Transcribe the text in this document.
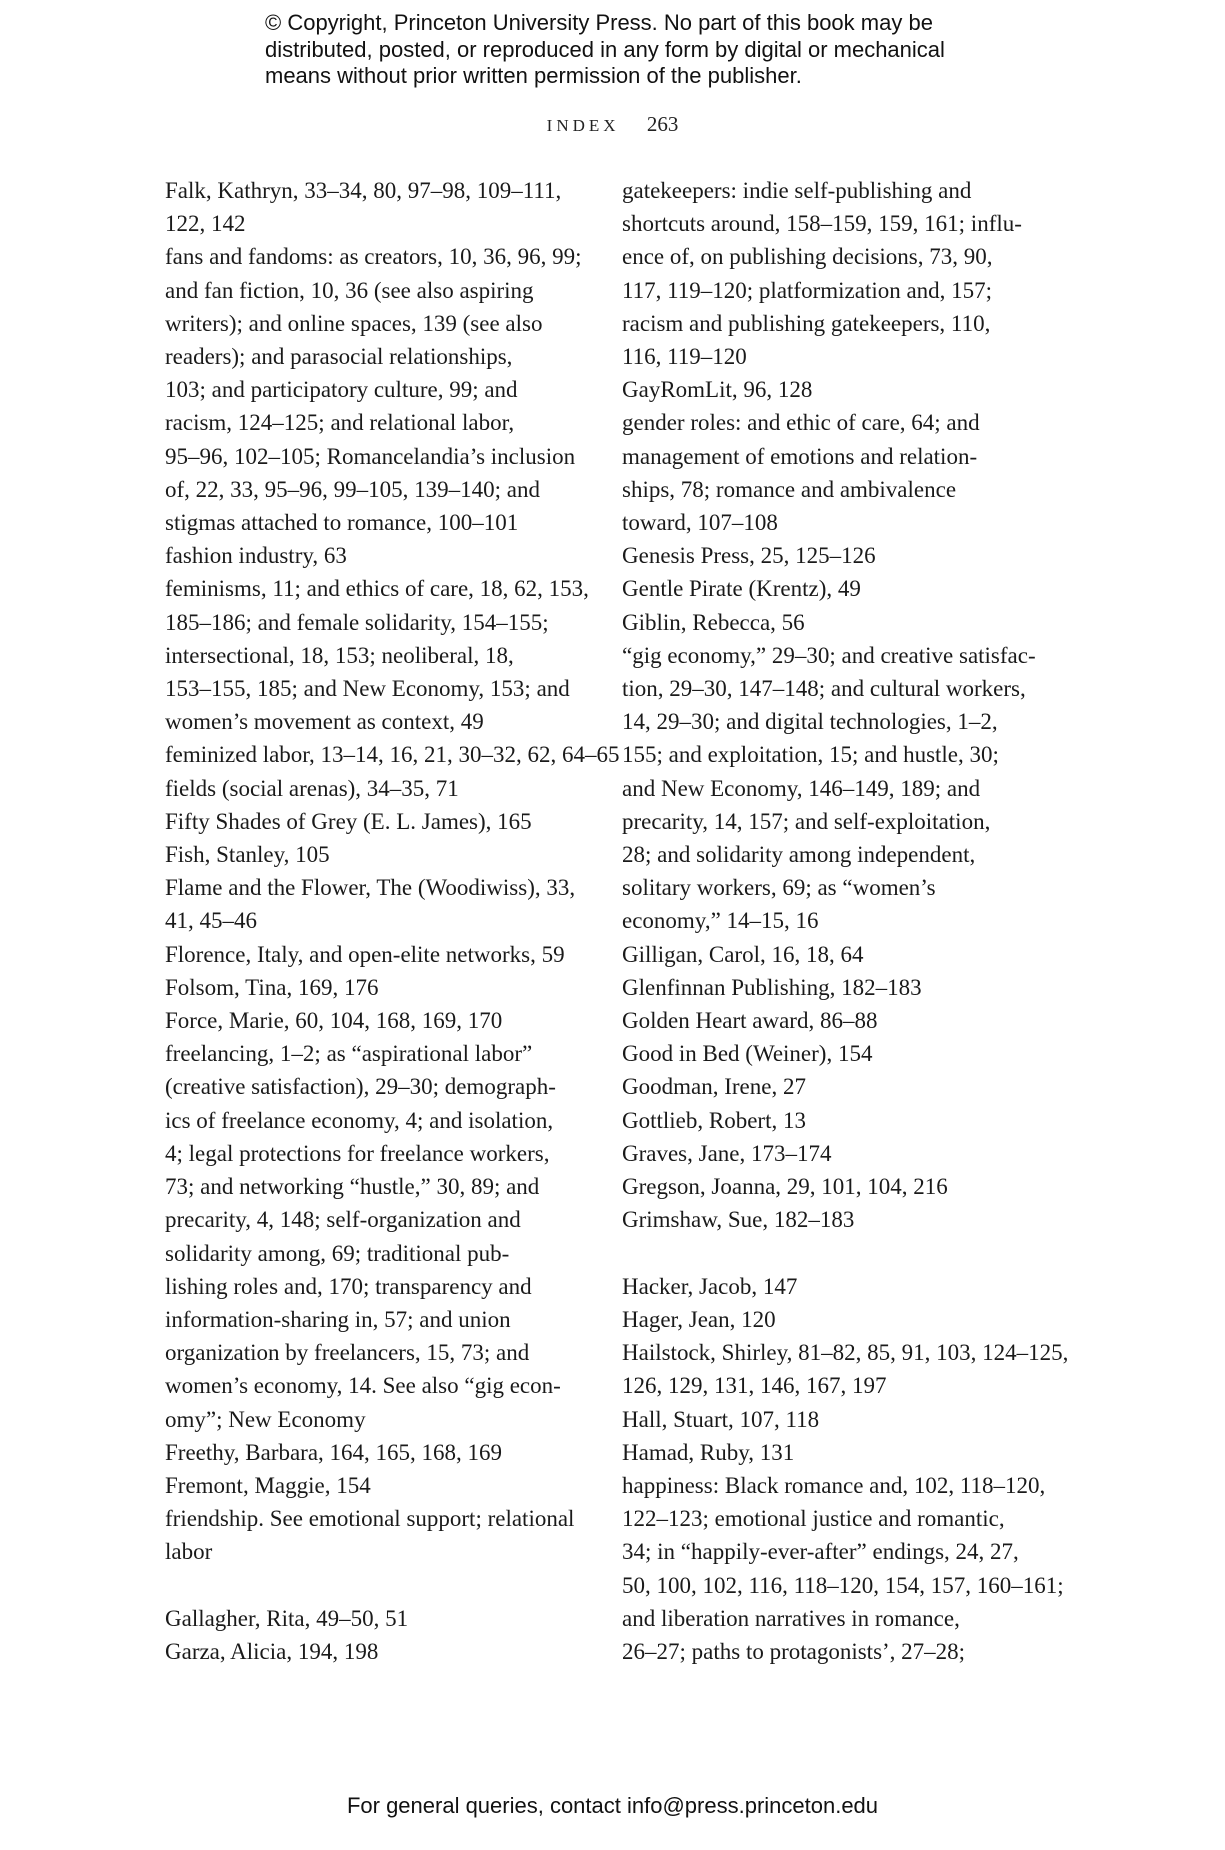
© Copyright, Princeton University Press. No part of this book may be
distributed, posted, or reproduced in any form by digital or mechanical
means without prior written permission of the publisher.
INDEX 263
Falk, Kathryn, 33–34, 80, 97–98, 109–111,
122, 142
fans and fandoms: as creators, 10, 36, 96, 99;
and fan fiction, 10, 36 (see also aspiring
writers); and online spaces, 139 (see also
readers); and parasocial relationships,
103; and participatory culture, 99; and
racism, 124–125; and relational labor,
95–96, 102–105; Romancelandia’s inclusion
of, 22, 33, 95–96, 99–105, 139–140; and
stigmas attached to romance, 100–101
fashion industry, 63
feminisms, 11; and ethics of care, 18, 62, 153,
185–186; and female solidarity, 154–155;
intersectional, 18, 153; neoliberal, 18,
153–155, 185; and New Economy, 153; and
women’s movement as context, 49
feminized labor, 13–14, 16, 21, 30–32, 62, 64–65
fields (social arenas), 34–35, 71
Fifty Shades of Grey (E. L. James), 165
Fish, Stanley, 105
Flame and the Flower, The (Woodiwiss), 33,
41, 45–46
Florence, Italy, and open-elite networks, 59
Folsom, Tina, 169, 176
Force, Marie, 60, 104, 168, 169, 170
freelancing, 1–2; as “aspirational labor”
(creative satisfaction), 29–30; demograph-
ics of freelance economy, 4; and isolation,
4; legal protections for freelance workers,
73; and networking “hustle,” 30, 89; and
precarity, 4, 148; self-organization and
solidarity among, 69; traditional pub-
lishing roles and, 170; transparency and
information-sharing in, 57; and union
organization by freelancers, 15, 73; and
women’s economy, 14. See also “gig econ-
omy”; New Economy
Freethy, Barbara, 164, 165, 168, 169
Fremont, Maggie, 154
friendship. See emotional support; relational
labor
Gallagher, Rita, 49–50, 51
Garza, Alicia, 194, 198
gatekeepers: indie self-publishing and
shortcuts around, 158–159, 159, 161; influ-
ence of, on publishing decisions, 73, 90,
117, 119–120; platformization and, 157;
racism and publishing gatekeepers, 110,
116, 119–120
GayRomLit, 96, 128
gender roles: and ethic of care, 64; and
management of emotions and relation-
ships, 78; romance and ambivalence
toward, 107–108
Genesis Press, 25, 125–126
Gentle Pirate (Krentz), 49
Giblin, Rebecca, 56
“gig economy,” 29–30; and creative satisfac-
tion, 29–30, 147–148; and cultural workers,
14, 29–30; and digital technologies, 1–2,
155; and exploitation, 15; and hustle, 30;
and New Economy, 146–149, 189; and
precarity, 14, 157; and self-exploitation,
28; and solidarity among independent,
solitary workers, 69; as “women’s
economy,” 14–15, 16
Gilligan, Carol, 16, 18, 64
Glenfinnan Publishing, 182–183
Golden Heart award, 86–88
Good in Bed (Weiner), 154
Goodman, Irene, 27
Gottlieb, Robert, 13
Graves, Jane, 173–174
Gregson, Joanna, 29, 101, 104, 216
Grimshaw, Sue, 182–183
Hacker, Jacob, 147
Hager, Jean, 120
Hailstock, Shirley, 81–82, 85, 91, 103, 124–125,
126, 129, 131, 146, 167, 197
Hall, Stuart, 107, 118
Hamad, Ruby, 131
happiness: Black romance and, 102, 118–120,
122–123; emotional justice and romantic,
34; in “happily-ever-after” endings, 24, 27,
50, 100, 102, 116, 118–120, 154, 157, 160–161;
and liberation narratives in romance,
26–27; paths to protagonists’, 27–28;
For general queries, contact info@press.princeton.edu
